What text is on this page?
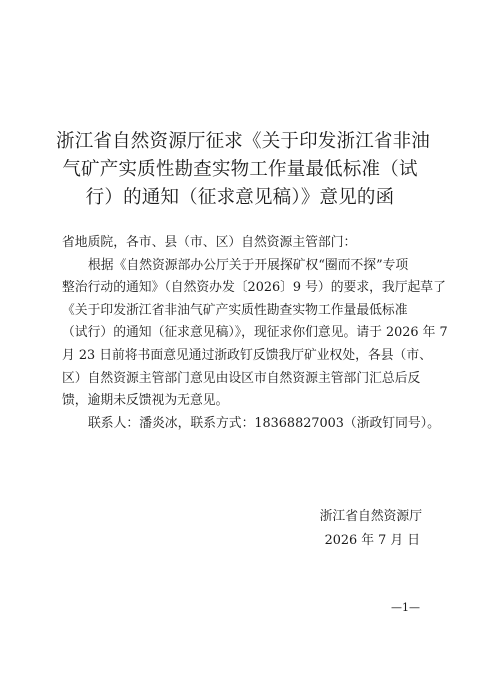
浙江省自然资源厅征求《关于印发浙江省非油
气矿产实质性勘查实物工作量最低标准（试
行）的通知（征求意见稿）》意见的函
省地质院，各市、县（市、区）自然资源主管部门：
根据《自然资源部办公厅关于开展探矿权“圈而不探”专项
整治行动的通知》（自然资办发〔2026〕9 号）的要求，我厅起草了
《关于印发浙江省非油气矿产实质性勘查实物工作量最低标准
（试行）的通知（征求意见稿）》，现征求你们意见。请于 2026 年 7
月 23 日前将书面意见通过浙政钉反馈我厅矿业权处，各县（市、
区）自然资源主管部门意见由设区市自然资源主管部门汇总后反
馈，逾期未反馈视为无意见。
联系人：潘炎冰，联系方式：18368827003（浙政钉同号）。
浙江省自然资源厅
2026 年 7 月 日
—1—
